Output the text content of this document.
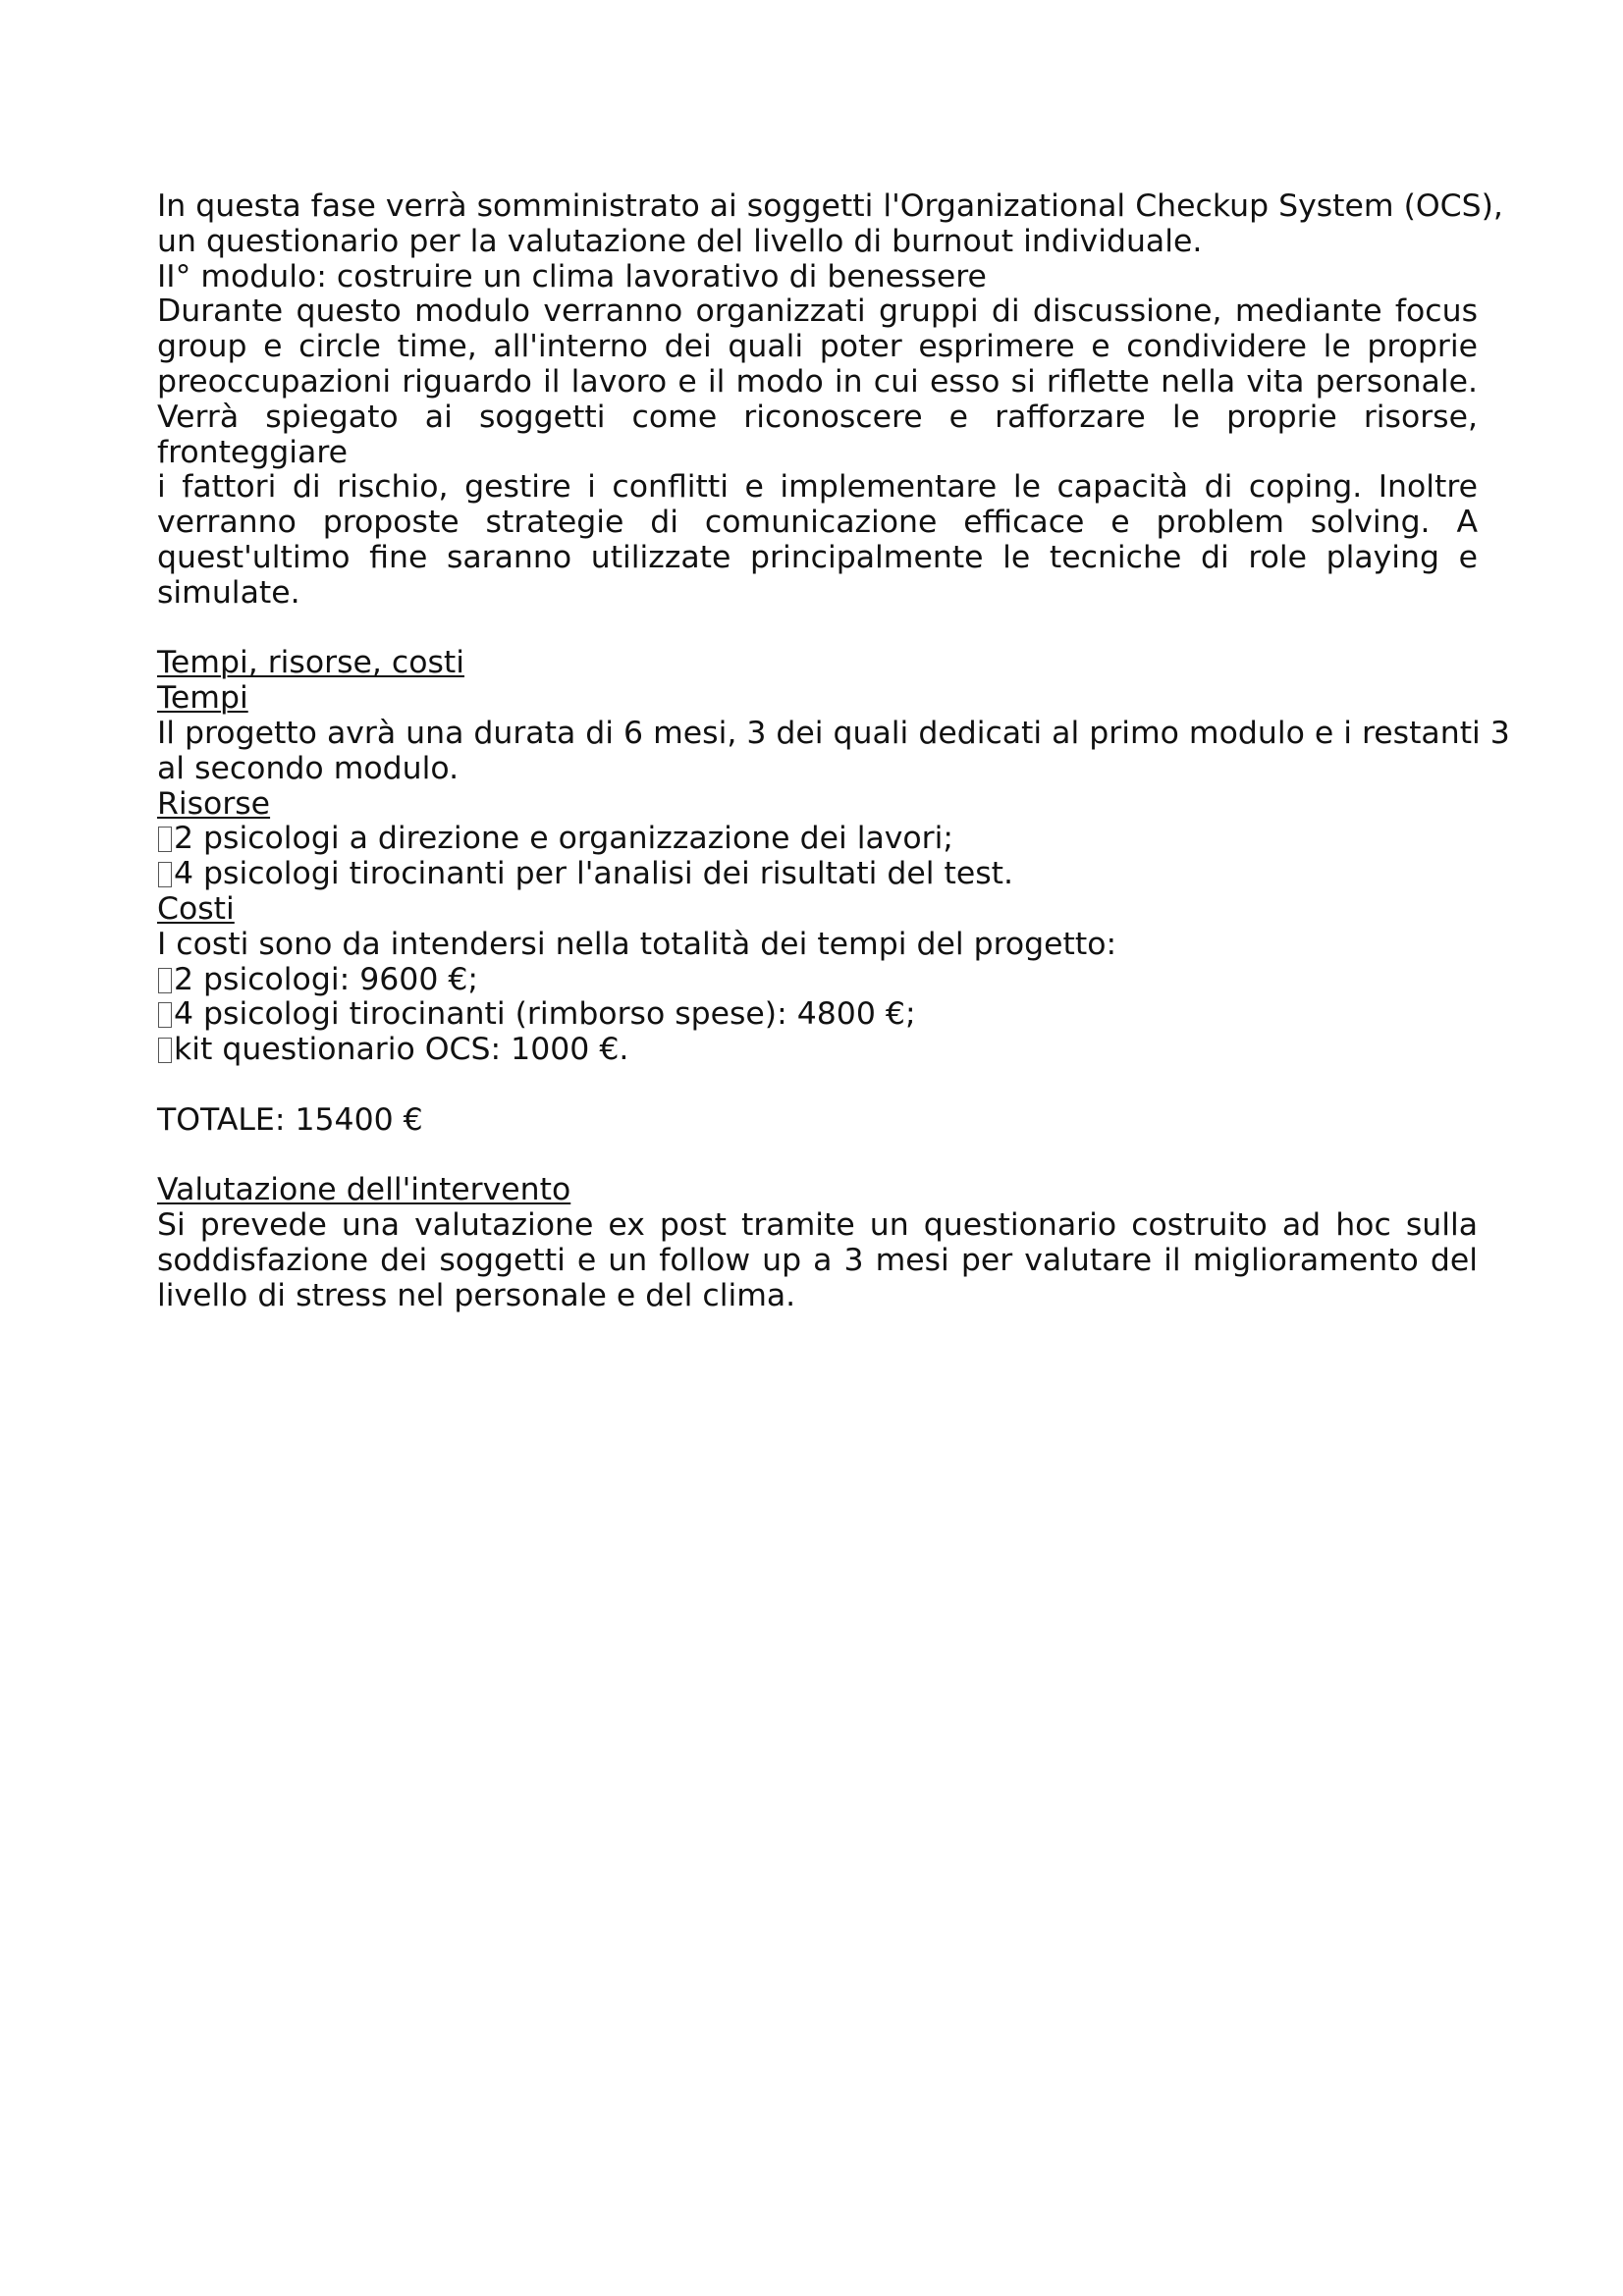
In questa fase verrà somministrato ai soggetti l'Organizational Checkup System (OCS),
un questionario per la valutazione del livello di burnout individuale.
II° modulo: costruire un clima lavorativo di benessere
Durante questo modulo verranno organizzati gruppi di discussione, mediante focus
group e circle time, all'interno dei quali poter esprimere e condividere le proprie
preoccupazioni riguardo il lavoro e il modo in cui esso si riflette nella vita personale.
Verrà spiegato ai soggetti come riconoscere e rafforzare le proprie risorse, fronteggiare
i fattori di rischio, gestire i conflitti e implementare le capacità di coping. Inoltre
verranno proposte strategie di comunicazione efficace e problem solving. A
quest'ultimo fine saranno utilizzate principalmente le tecniche di role playing e
simulate.
Tempi, risorse, costi
Tempi
Il progetto avrà una durata di 6 mesi, 3 dei quali dedicati al primo modulo e i restanti 3
al secondo modulo.
Risorse
2 psicologi a direzione e organizzazione dei lavori;
4 psicologi tirocinanti per l'analisi dei risultati del test.
Costi
I costi sono da intendersi nella totalità dei tempi del progetto:
2 psicologi: 9600 €;
4 psicologi tirocinanti (rimborso spese): 4800 €;
kit questionario OCS: 1000 €.
TOTALE: 15400 €
Valutazione dell'intervento
Si prevede una valutazione ex post tramite un questionario costruito ad hoc sulla
soddisfazione dei soggetti e un follow up a 3 mesi per valutare il miglioramento del
livello di stress nel personale e del clima.
